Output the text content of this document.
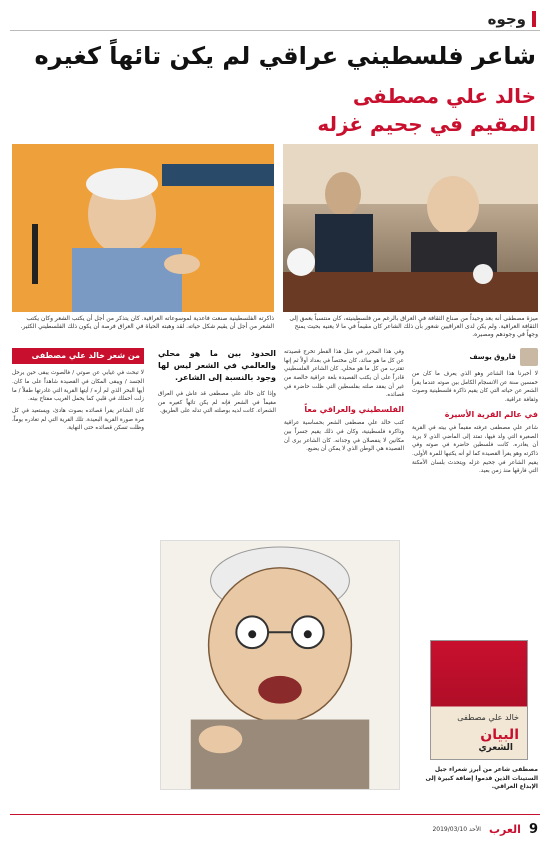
وجوه
شاعر فلسطيني عراقي لم يكن تائهاً كغيره
خالد علي مصطفى
المقيم في جحيم غزله

ميزة مصطفى أنه بعد وحيداً من صناع الثقافة في العراق بالرغم من فلسطينيته، كان منتسباً بعمق إلى الثقافة العراقية. ولم يكن لدى العراقيين شعور بأن ذلك الشاعر كان مقيماً في ما لا يعنيه بحيث يمنح وجهاً في وجودهم ومصيره.

ذاكرته الفلسطينية صنعت فاعدية لموسوعاته العراقية. كان يتذكر من أجل أن يكتب الشعر وكان يكتب الشعر من أجل أن يقيم شكل حياته. لقد وهبته الحياة في العراق فرصة أن يكون ذلك الفلسطيني الكثير.

فاروق يوسف

لا أخبرنا هذا الشاعر وهو الذي يعرف ما كان من خمسين سنة عن الانسجام الكامل بين صوته عندما يقرأ الشعر عن حياته التي كان يقيم ذاكرة فلسطينية وصوت وثقافة عراقية.

في عالم القرية الأسيرة

شاعر علي مصطفى عرفته مقيماً في بيته في القرية الصغيرة التي ولد فيها، تمتد إلى الماضي الذي لا يريد أن يغادره. كانت فلسطين حاضرة في صوته وفي ذاكرته وهو يقرأ القصيدة كما لو أنه يكتبها للمرة الأولى. يقيم الشاعر في جحيم غزله ويتحدث بلسان الأمكنة التي فارقها منذ زمن بعيد.

وفي هذا المحرر في مثل هذا القطر تخرج قصيدته عن كل ما هو سائد، كان مختصاً في بغداد أولاً ثم إنها تقترب من كل ما هو محلي. كان الشاعر الفلسطيني قادراً على أن يكتب القصيدة بلغة عراقية خالصة من غير أن يفقد صلته بفلسطين التي ظلت حاضرة في قصائده.

الفلسطيني والعراقي معاً

كتب خالد علي مصطفى الشعر بحساسية عراقية وذاكرة فلسطينية، وكان في ذلك يقيم جسراً بين مكانين لا ينفصلان في وجدانه. كان الشاعر يرى أن القصيدة هي الوطن الذي لا يمكن أن يضيع.

الحدود بين ما هو محلي والعالمي في الشعر ليس لها وجود بالنسبة إلى الشاعر.

وإذا كان خالد علي مصطفى قد عاش في العراق مقيماً في الشعر فإنه لم يكن تائهاً كغيره من الشعراء. كانت لديه بوصلته التي تدله على الطريق.

من شعر خالد علي مصطفى

لا تبحث في غيابي عن صوتي / فالصوت يبقى حين يرحل الجسد / ويبقى المكان في القصيدة شاهداً على ما كان. أيها البحر الذي لم أره / أيتها القرية التي غادرتها طفلاً / ما زلت أحملك في قلبي كما يحمل الغريب مفتاح بيته.

كان الشاعر يقرأ قصائده بصوت هادئ، ويستعيد في كل مرة صورة القرية البعيدة. تلك القرية التي لم تغادره يوماً، وظلت تسكن قصائده حتى النهاية.

خالد علي مصطفى
البيان
الشعري

مصطفى شاعر من أبرز شعراء جيل الستينات الذين قدموا إضافة كبيرة إلى الإبداع العراقي.

9
العرب
الأحد 2019/03/10
